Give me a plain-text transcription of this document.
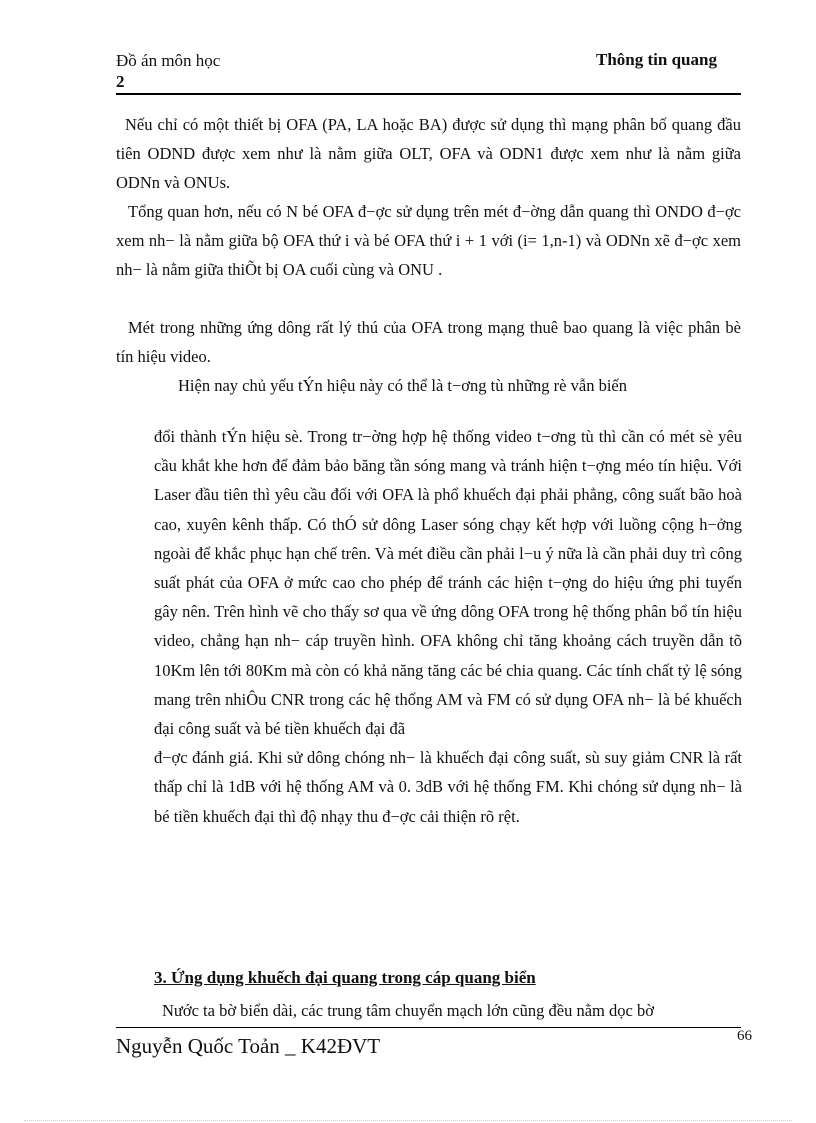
Đồ án môn học
2
Thông tin quang
Nếu chỉ có một thiết bị OFA (PA, LA hoặc BA) được sử dụng thì mạng phân bố quang đầu tiên ODND được xem như là nằm giữa OLT, OFA và ODN1 được xem như là nằm giữa ODNn và ONUs.
Tổng quan hơn, nếu có N bé OFA đ−ợc sử dụng trên mét đ−ờng dẫn quang thì ONDO đ−ợc xem nh− là nằm giữa bộ OFA thứ i và bé OFA thứ i + 1 với (i= 1,n-1) và ODNn xẽ đ−ợc xem nh− là nằm giữa thiÕt bị OA cuối cùng và ONU .
Mét trong những ứng dông rất lý thú của OFA trong mạng thuê bao quang là việc phân bè tín hiệu video.
Hiện nay chủ yếu tÝn hiệu này có thể là t−ơng tù những rè vẫn biến
đổi thành tÝn hiệu sè. Trong tr−ờng hợp hệ thống video t−ơng tù thì cần có mét sè yêu cầu khắt khe hơn để đảm bảo băng tần sóng mang và tránh hiện t−ợng méo tín hiệu. Với Laser đầu tiên thì yêu cầu đối với OFA là phổ khuếch đại phải phẳng, công suất bão hoà cao, xuyên kênh thấp. Có thÓ sử dông Laser sóng chạy kết hợp với luồng cộng h−ởng ngoài để khắc phục hạn chế trên. Và mét điều cần phải l−u ý nữa là cần phải duy trì công suất phát của OFA ở mức cao cho phép để tránh các hiện t−ợng do hiệu ứng phi tuyến gây nên. Trên hình vẽ cho thấy sơ qua về ứng dông OFA trong hệ thống phân bổ tín hiệu video, chẳng hạn nh− cáp truyền hình. OFA không chỉ tăng khoảng cách truyền dẫn tõ 10Km lên tới 80Km mà còn có khả năng tăng các bé chia quang. Các tính chất tỷ lệ sóng mang trên nhiÔu CNR trong các hệ thống AM và FM có sử dụng OFA nh− là bé khuếch đại công suất và bé tiền khuếch đại đã
đ−ợc đánh giá. Khi sử dông chóng nh− là khuếch đại công suất, sù suy giảm CNR là rất thấp chỉ là 1dB với hệ thống AM và 0. 3dB với hệ thống FM. Khi chóng sử dụng nh− là bé tiền khuếch đại thì độ nhạy thu đ−ợc cải thiện rõ rệt.
3. Ứng dụng khuếch đại quang trong cáp quang biển
Nước ta bờ biển dài, các trung tâm chuyển mạch lớn cũng đều nằm dọc bờ
Nguyễn Quốc Toản _ K42ĐVT	66
